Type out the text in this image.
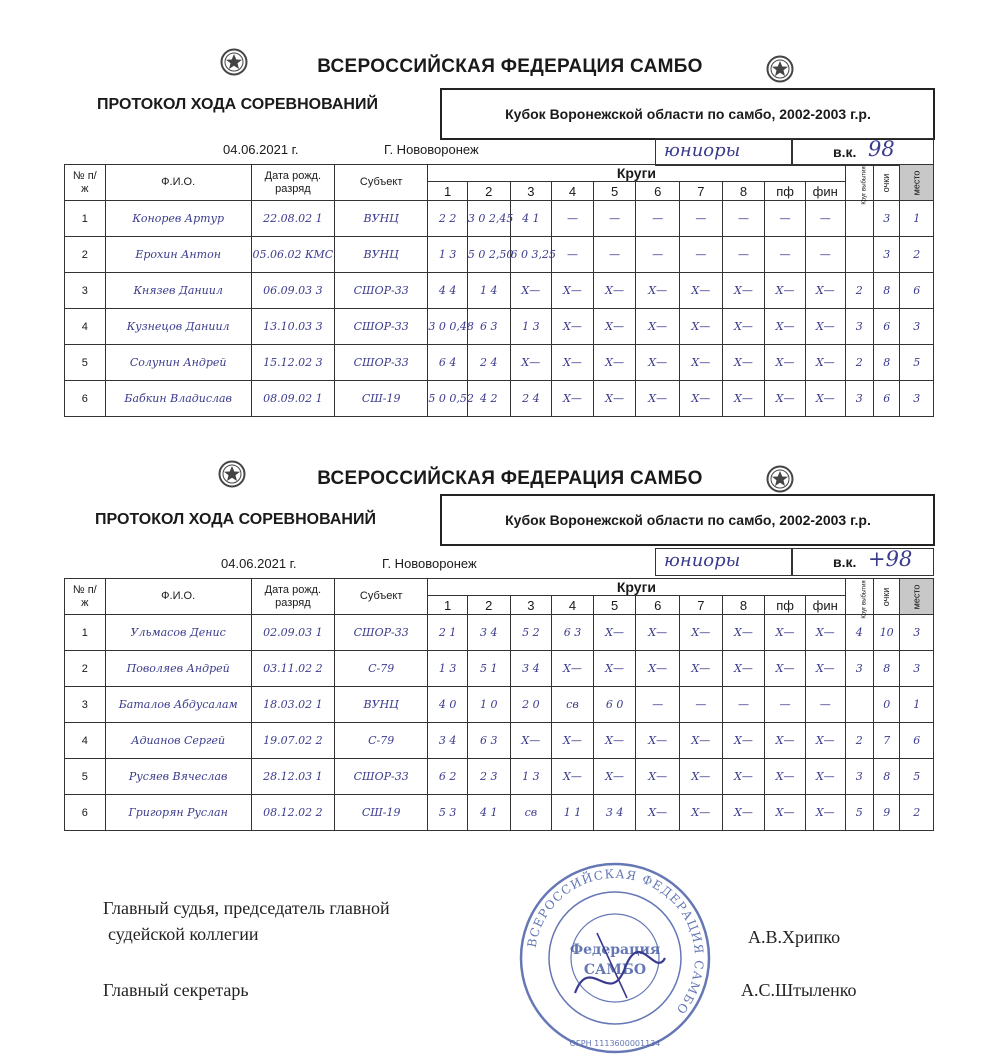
ВСЕРОССИЙСКАЯ ФЕДЕРАЦИЯ САМБО
ПРОТОКОЛ ХОДА СОРЕВНОВАНИЙ
Кубок Воронежской области по самбо, 2002-2003 г.р.
04.06.2021 г.	Г. Нововоронеж	юниоры	в.к. 98
№ п/ж	Ф.И.О.	Дата рожд. разряд	Субъект	Круги										Круг выбытия	очки	место
				1	2	3	4	5	6	7	8	пф	фин			
1	Конорев Артур	22.08.02 1	ВУНЦ	2 2	3 0 2,45	4 1	—	—	—	—	—	—	—		3	1
2	Ерохин Антон	05.06.02 КМС	ВУНЦ	1 3	5 0 2,50	6 0 3,25	—	—	—	—	—	—	—		3	2
3	Князев Даниил	06.09.03 3	СШОР-33	4 4	1 4	X—	X—	X—	X—	X—	X—	X—	X—	2	8	6
4	Кузнецов Даниил	13.10.03 3	СШОР-33	3 0 0,48	6 3	1 3	X—	X—	X—	X—	X—	X—	X—	3	6	3
5	Солунин Андрей	15.12.02 3	СШОР-33	6 4	2 4	X—	X—	X—	X—	X—	X—	X—	X—	2	8	5
6	Бабкин Владислав	08.09.02 1	СШ-19	5 0 0,52	4 2	2 4	X—	X—	X—	X—	X—	X—	X—	3	6	3
ВСЕРОССИЙСКАЯ ФЕДЕРАЦИЯ САМБО
ПРОТОКОЛ ХОДА СОРЕВНОВАНИЙ	Кубок Воронежской области по самбо, 2002-2003 г.р.
04.06.2021 г.	Г. Нововоронеж	юниоры	в.к. +98
№ п/ж	Ф.И.О.	Дата рожд. разряд	Субъект	Круги										Круг выбытия	очки	место
				1	2	3	4	5	6	7	8	пф	фин			
1	Ульмасов Денис	02.09.03 1	СШОР-33	2 1	3 4	5 2	6 3	X—	X—	X—	X—	X—	X—	4	10	3
2	Поволяев Андрей	03.11.02 2	С-79	1 3	5 1	3 4	X—	X—	X—	X—	X—	X—	X—	3	8	3
3	Баталов Абдусалам	18.03.02 1	ВУНЦ	4 0	1 0	2 0	св	6 0	—	—	—	—	—		0	1
4	Адианов Сергей	19.07.02 2	С-79	3 4	6 3	X—	X—	X—	X—	X—	X—	X—	X—	2	7	6
5	Русяев Вячеслав	28.12.03 1	СШОР-33	6 2	2 3	1 3	X—	X—	X—	X—	X—	X—	X—	3	8	5
6	Григорян Руслан	08.12.02 2	СШ-19	5 3	4 1	св	1 1	3 4	X—	X—	X—	X—	X—	5	9	2
Главный судья, председатель главной
судейской коллегии	А.В.Хрипко
Главный секретарь	А.С.Штыленко
ВСЕРОССИЙСКАЯ ФЕДЕРАЦИЯ САМБО
Федерация
САМБО
ОГРН 1113600001134
